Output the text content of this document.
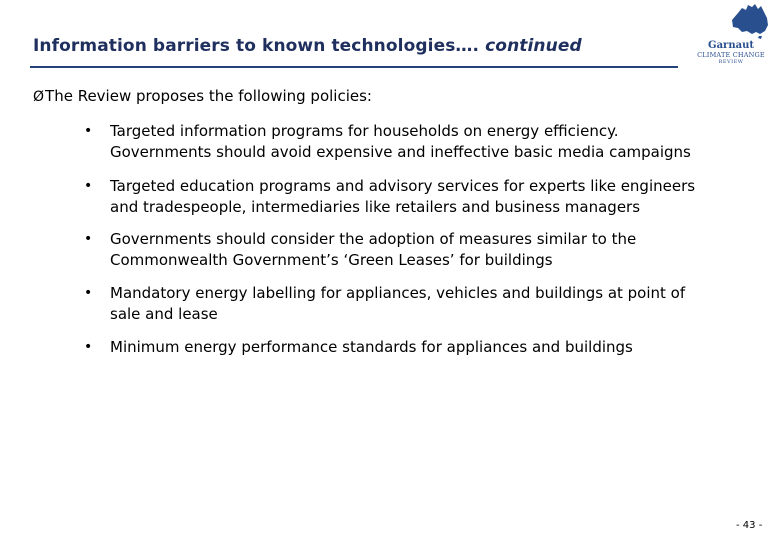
Information barriers to known technologies…. continued	Garnaut
CLIMATE CHANGE
REVIEW
ØThe Review proposes the following policies:
• Targeted information programs for households on energy efficiency.
Governments should avoid expensive and ineffective basic media campaigns
• Targeted education programs and advisory services for experts like engineers
and tradespeople, intermediaries like retailers and business managers
• Governments should consider the adoption of measures similar to the
Commonwealth Government’s ‘Green Leases’ for buildings
• Mandatory energy labelling for appliances, vehicles and buildings at point of
sale and lease
• Minimum energy performance standards for appliances and buildings
- 43 -
